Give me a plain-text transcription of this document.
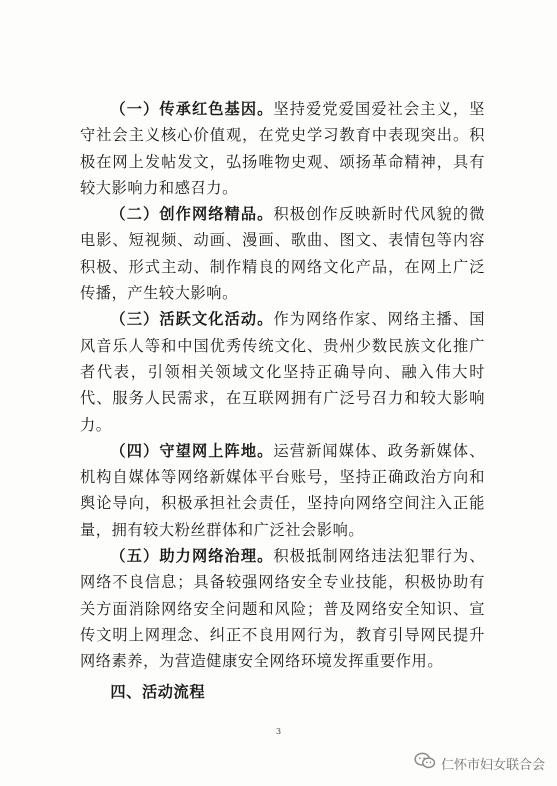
（一）传承红色基因。坚持爱党爱国爱社会主义，坚守社会主义核心价值观，在党史学习教育中表现突出。积极在网上发帖发文，弘扬唯物史观、颂扬革命精神，具有较大影响力和感召力。

（二）创作网络精品。积极创作反映新时代风貌的微电影、短视频、动画、漫画、歌曲、图文、表情包等内容积极、形式主动、制作精良的网络文化产品，在网上广泛传播，产生较大影响。

（三）活跃文化活动。作为网络作家、网络主播、国风音乐人等和中国优秀传统文化、贵州少数民族文化推广者代表，引领相关领域文化坚持正确导向、融入伟大时代、服务人民需求，在互联网拥有广泛号召力和较大影响力。

（四）守望网上阵地。运营新闻媒体、政务新媒体、机构自媒体等网络新媒体平台账号，坚持正确政治方向和舆论导向，积极承担社会责任，坚持向网络空间注入正能量，拥有较大粉丝群体和广泛社会影响。

（五）助力网络治理。积极抵制网络违法犯罪行为、网络不良信息；具备较强网络安全专业技能，积极协助有关方面消除网络安全问题和风险；普及网络安全知识、宣传文明上网理念、纠正不良用网行为，教育引导网民提升网络素养，为营造健康安全网络环境发挥重要作用。

四、活动流程

3
仁怀市妇女联合会
